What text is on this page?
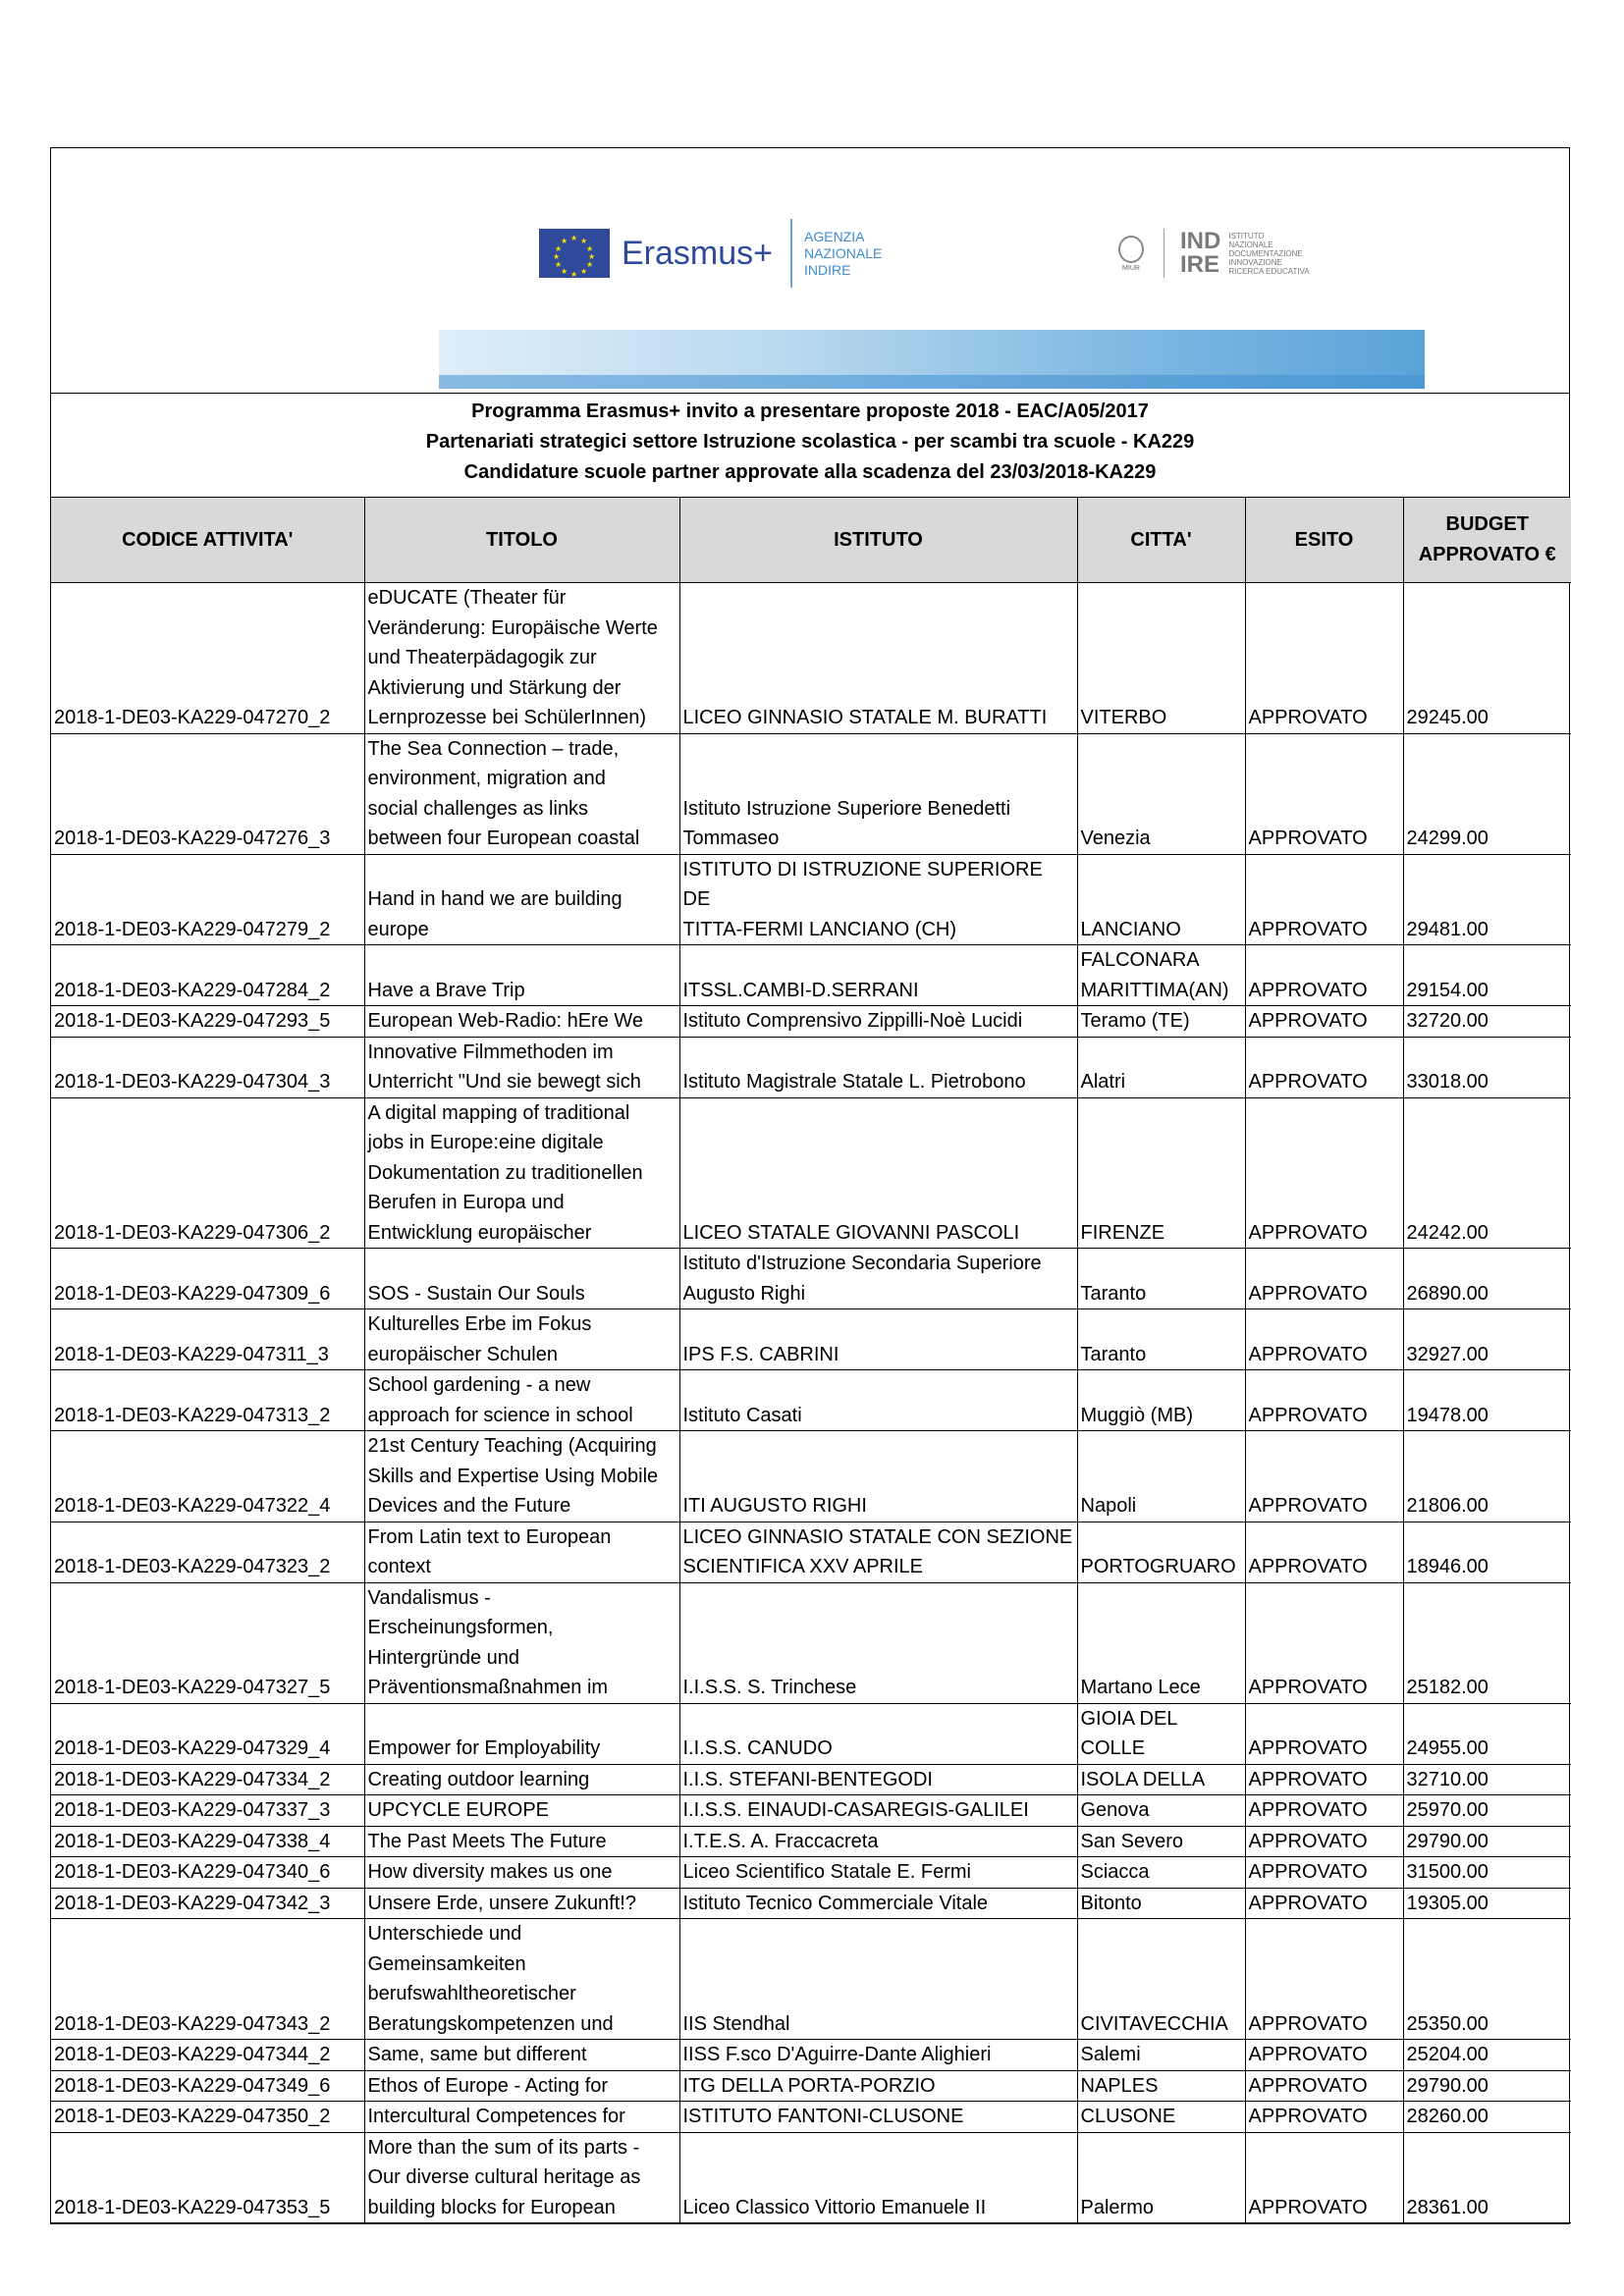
★ ★
★
★
★
★
★
★
★
★
★
★ Erasmus+ AGENZIA
NAZIONALE
INDIRE	MIUR
IND
IRE
ISTITUTO
NAZIONALE
DOCUMENTAZIONE
INNOVAZIONE
RICERCA EDUCATIVA
Programma Erasmus+ invito a presentare proposte 2018 - EAC/A05/2017
Partenariati strategici settore Istruzione scolastica - per scambi tra scuole - KA229
Candidature scuole partner approvate alla scadenza del 23/03/2018-KA229
CODICE ATTIVITA'	TITOLO	ISTITUTO	CITTA'	ESITO	BUDGET
APPROVATO €
2018-1-DE03-KA229-047270_2	eDUCATE (Theater für
Veränderung: Europäische Werte
und Theaterpädagogik zur
Aktivierung und Stärkung der
Lernprozesse bei SchülerInnen)	LICEO GINNASIO STATALE M. BURATTI	VITERBO	APPROVATO	29245.00
2018-1-DE03-KA229-047276_3	The Sea Connection – trade,
environment, migration and
social challenges as links
between four European coastal	Istituto Istruzione Superiore Benedetti
Tommaseo	Venezia	APPROVATO	24299.00
2018-1-DE03-KA229-047279_2	Hand in hand we are building
europe	ISTITUTO DI ISTRUZIONE SUPERIORE DE
TITTA-FERMI LANCIANO (CH)	LANCIANO	APPROVATO	29481.00
2018-1-DE03-KA229-047284_2	Have a Brave Trip	ITSSL.CAMBI-D.SERRANI	FALCONARA
MARITTIMA(AN)	APPROVATO	29154.00
2018-1-DE03-KA229-047293_5	European Web-Radio: hEre We	Istituto Comprensivo Zippilli-Noè Lucidi	Teramo (TE)	APPROVATO	32720.00
2018-1-DE03-KA229-047304_3	Innovative Filmmethoden im
Unterricht "Und sie bewegt sich	Istituto Magistrale Statale L. Pietrobono	Alatri	APPROVATO	33018.00
2018-1-DE03-KA229-047306_2	A digital mapping of traditional
jobs in Europe:eine digitale
Dokumentation zu traditionellen
Berufen in Europa und
Entwicklung europäischer	LICEO STATALE GIOVANNI PASCOLI	FIRENZE	APPROVATO	24242.00
2018-1-DE03-KA229-047309_6	SOS - Sustain Our Souls	Istituto d'Istruzione Secondaria Superiore
Augusto Righi	Taranto	APPROVATO	26890.00
2018-1-DE03-KA229-047311_3	Kulturelles Erbe im Fokus
europäischer Schulen	IPS F.S. CABRINI	Taranto	APPROVATO	32927.00
2018-1-DE03-KA229-047313_2	School gardening - a new
approach for science in school	Istituto Casati	Muggiò (MB)	APPROVATO	19478.00
2018-1-DE03-KA229-047322_4	21st Century Teaching (Acquiring
Skills and Expertise Using Mobile
Devices and the Future	ITI AUGUSTO RIGHI	Napoli	APPROVATO	21806.00
2018-1-DE03-KA229-047323_2	From Latin text to European
context	LICEO GINNASIO STATALE CON SEZIONE
SCIENTIFICA XXV APRILE	PORTOGRUARO	APPROVATO	18946.00
2018-1-DE03-KA229-047327_5	Vandalismus -
Erscheinungsformen,
Hintergründe und
Präventionsmaßnahmen im	I.I.S.S. S. Trinchese	Martano Lece	APPROVATO	25182.00
2018-1-DE03-KA229-047329_4	Empower for Employability	I.I.S.S. CANUDO	GIOIA DEL COLLE	APPROVATO	24955.00
2018-1-DE03-KA229-047334_2	Creating outdoor learning	I.I.S. STEFANI-BENTEGODI	ISOLA DELLA	APPROVATO	32710.00
2018-1-DE03-KA229-047337_3	UPCYCLE EUROPE	I.I.S.S. EINAUDI-CASAREGIS-GALILEI	Genova	APPROVATO	25970.00
2018-1-DE03-KA229-047338_4	The Past Meets The Future	I.T.E.S. A. Fraccacreta	San Severo	APPROVATO	29790.00
2018-1-DE03-KA229-047340_6	How diversity makes us one	Liceo Scientifico Statale E. Fermi	Sciacca	APPROVATO	31500.00
2018-1-DE03-KA229-047342_3	Unsere Erde, unsere Zukunft!?	Istituto Tecnico Commerciale Vitale	Bitonto	APPROVATO	19305.00
2018-1-DE03-KA229-047343_2	Unterschiede und
Gemeinsamkeiten
berufswahltheoretischer
Beratungskompetenzen und	IIS Stendhal	CIVITAVECCHIA	APPROVATO	25350.00
2018-1-DE03-KA229-047344_2	Same, same but different	IISS F.sco D'Aguirre-Dante Alighieri	Salemi	APPROVATO	25204.00
2018-1-DE03-KA229-047349_6	Ethos of Europe - Acting for	ITG DELLA PORTA-PORZIO	NAPLES	APPROVATO	29790.00
2018-1-DE03-KA229-047350_2	Intercultural Competences for	ISTITUTO FANTONI-CLUSONE	CLUSONE	APPROVATO	28260.00
2018-1-DE03-KA229-047353_5	More than the sum of its parts -
Our diverse cultural heritage as
building blocks for European	Liceo Classico Vittorio Emanuele II	Palermo	APPROVATO	28361.00
